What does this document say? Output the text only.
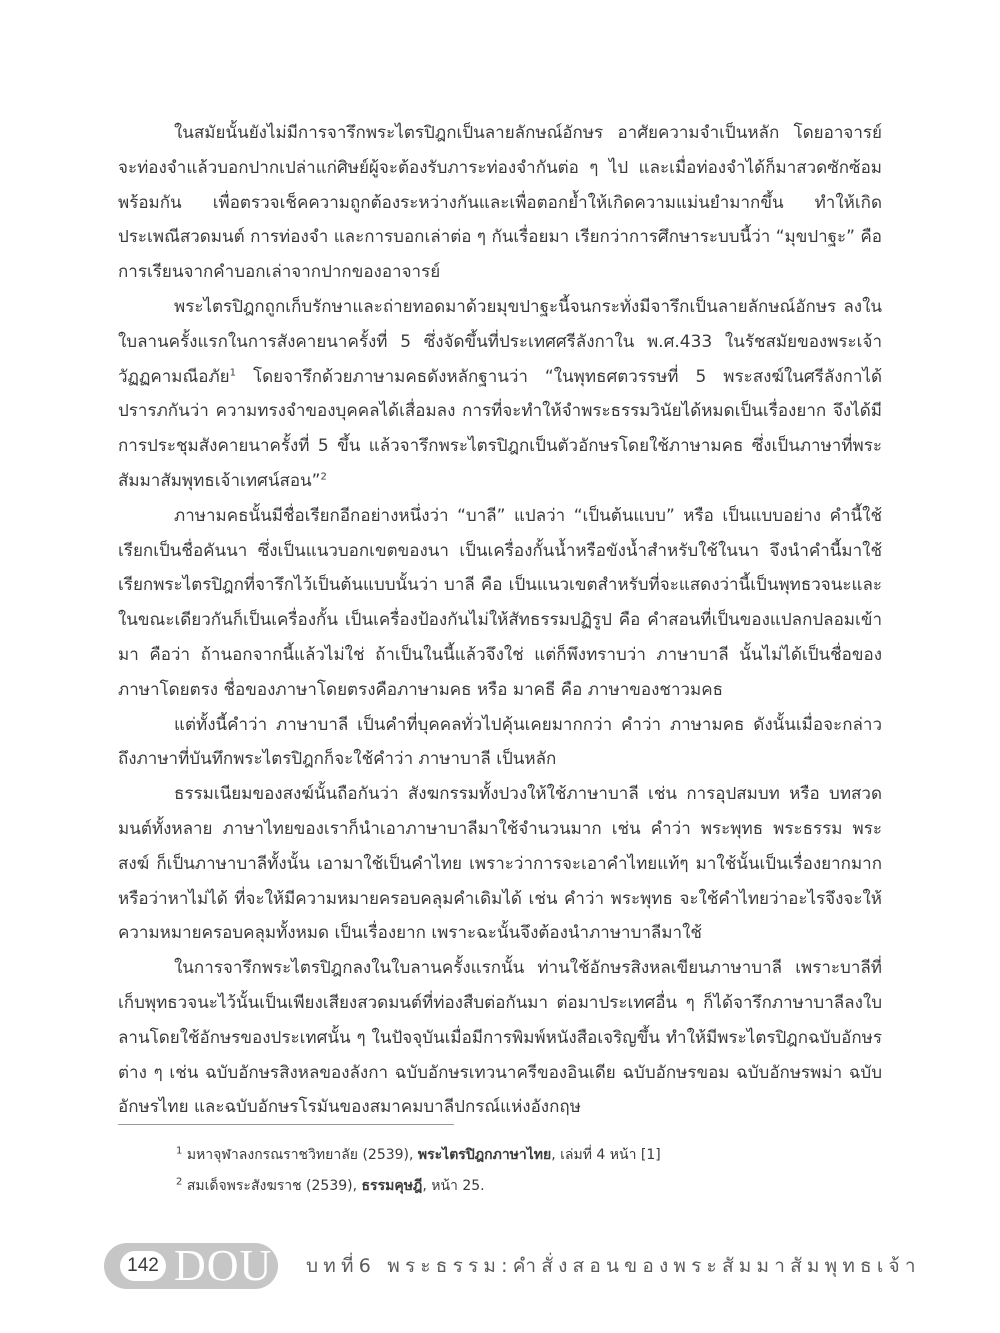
ในสมัยนั้นยังไม่มีการจารึกพระไตรปิฎกเป็นลายลักษณ์อักษร อาศัยความจำเป็นหลัก โดยอาจารย์จะท่องจำแล้วบอกปากเปล่าแก่ศิษย์ผู้จะต้องรับภาระท่องจำกันต่อ ๆ ไป และเมื่อท่องจำได้ก็มาสวดซักซ้อมพร้อมกัน เพื่อตรวจเช็คความถูกต้องระหว่างกันและเพื่อตอกย้ำให้เกิดความแม่นยำมากขึ้น ทำให้เกิดประเพณีสวดมนต์ การท่องจำ และการบอกเล่าต่อ ๆ กันเรื่อยมา เรียกว่าการศึกษาระบบนี้ว่า “มุขปาฐะ” คือ การเรียนจากคำบอกเล่าจากปากของอาจารย์

พระไตรปิฎกถูกเก็บรักษาและถ่ายทอดมาด้วยมุขปาฐะนี้จนกระทั่งมีจารึกเป็นลายลักษณ์อักษร ลงในใบลานครั้งแรกในการสังคายนาครั้งที่ 5 ซึ่งจัดขึ้นที่ประเทศศรีลังกาใน พ.ศ.433 ในรัชสมัยของพระเจ้าวัฏฏคามณีอภัย$^1$ โดยจารึกด้วยภาษามคธดังหลักฐานว่า “ในพุทธศตวรรษที่ 5 พระสงฆ์ในศรีลังกาได้ปรารภกันว่า ความทรงจำของบุคคลได้เสื่อมลง การที่จะทำให้จำพระธรรมวินัยได้หมดเป็นเรื่องยาก จึงได้มีการประชุมสังคายนาครั้งที่ 5 ขึ้น แล้วจารึกพระไตรปิฎกเป็นตัวอักษรโดยใช้ภาษามคธ ซึ่งเป็นภาษาที่พระสัมมาสัมพุทธเจ้าเทศน์สอน”$^2$

ภาษามคธนั้นมีชื่อเรียกอีกอย่างหนึ่งว่า “บาลี” แปลว่า “เป็นต้นแบบ” หรือ เป็นแบบอย่าง คำนี้ใช้เรียกเป็นชื่อคันนา ซึ่งเป็นแนวบอกเขตของนา เป็นเครื่องกั้นน้ำหรือขังน้ำสำหรับใช้ในนา จึงนำคำนี้มาใช้เรียกพระไตรปิฎกที่จารึกไว้เป็นต้นแบบนั้นว่า บาลี คือ เป็นแนวเขตสำหรับที่จะแสดงว่านี้เป็นพุทธวจนะและในขณะเดียวกันก็เป็นเครื่องกั้น เป็นเครื่องป้องกันไม่ให้สัทธรรมปฏิรูป คือ คำสอนที่เป็นของแปลกปลอมเข้ามา คือว่า ถ้านอกจากนี้แล้วไม่ใช่ ถ้าเป็นในนี้แล้วจึงใช่ แต่ก็พึงทราบว่า ภาษาบาลี นั้นไม่ได้เป็นชื่อของภาษาโดยตรง ชื่อของภาษาโดยตรงคือภาษามคธ หรือ มาคธี คือ ภาษาของชาวมคธ

แต่ทั้งนี้คำว่า ภาษาบาลี เป็นคำที่บุคคลทั่วไปคุ้นเคยมากกว่า คำว่า ภาษามคธ ดังนั้นเมื่อจะกล่าวถึงภาษาที่บันทึกพระไตรปิฎกก็จะใช้คำว่า ภาษาบาลี เป็นหลัก

ธรรมเนียมของสงฆ์นั้นถือกันว่า สังฆกรรมทั้งปวงให้ใช้ภาษาบาลี เช่น การอุปสมบท หรือ บทสวดมนต์ทั้งหลาย ภาษาไทยของเราก็นำเอาภาษาบาลีมาใช้จำนวนมาก เช่น คำว่า พระพุทธ พระธรรม พระสงฆ์ ก็เป็นภาษาบาลีทั้งนั้น เอามาใช้เป็นคำไทย เพราะว่าการจะเอาคำไทยแท้ๆ มาใช้นั้นเป็นเรื่องยากมากหรือว่าหาไม่ได้ ที่จะให้มีความหมายครอบคลุมคำเดิมได้ เช่น คำว่า พระพุทธ จะใช้คำไทยว่าอะไรจึงจะให้ความหมายครอบคลุมทั้งหมด เป็นเรื่องยาก เพราะฉะนั้นจึงต้องนำภาษาบาลีมาใช้

ในการจารึกพระไตรปิฎกลงในใบลานครั้งแรกนั้น ท่านใช้อักษรสิงหลเขียนภาษาบาลี เพราะบาลีที่เก็บพุทธวจนะไว้นั้นเป็นเพียงเสียงสวดมนต์ที่ท่องสืบต่อกันมา ต่อมาประเทศอื่น ๆ ก็ได้จารึกภาษาบาลีลงใบลานโดยใช้อักษรของประเทศนั้น ๆ ในปัจจุบันเมื่อมีการพิมพ์หนังสือเจริญขึ้น ทำให้มีพระไตรปิฎกฉบับอักษรต่าง ๆ เช่น ฉบับอักษรสิงหลของลังกา ฉบับอักษรเทวนาครีของอินเดีย ฉบับอักษรขอม ฉบับอักษรพม่า ฉบับอักษรไทย และฉบับอักษรโรมันของสมาคมบาลีปกรณ์แห่งอังกฤษ

$^1$ มหาจุฬาลงกรณราชวิทยาลัย (2539), พระไตรปิฎกภาษาไทย, เล่มที่ 4 หน้า [1]
$^2$ สมเด็จพระสังฆราช (2539), ธรรมคุษฎี, หน้า 25.
142 DOU บทที่6 พระธรรม:คำสั่งสอนของพระสัมมาสัมพุทธเจ้า
